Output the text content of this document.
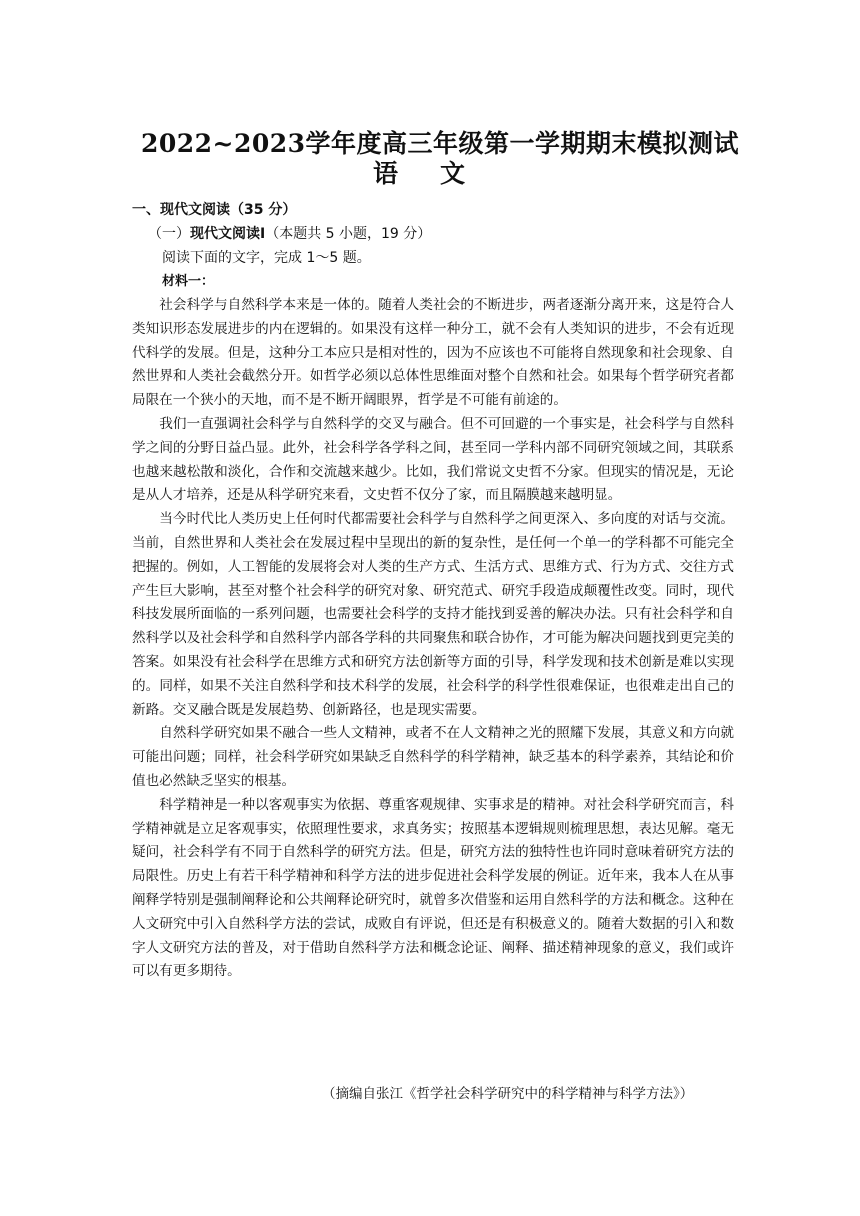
2022~2023学年度高三年级第一学期期末模拟测试
语文
一、现代文阅读（35 分）
（一）现代文阅读Ⅰ（本题共 5 小题，19 分）
阅读下面的文字，完成 1～5 题。
材料一：

社会科学与自然科学本来是一体的。随着人类社会的不断进步，两者逐渐分离开来，这是符合人类知识形态发展进步的内在逻辑的。如果没有这样一种分工，就不会有人类知识的进步，不会有近现代科学的发展。但是，这种分工本应只是相对性的，因为不应该也不可能将自然现象和社会现象、自然世界和人类社会截然分开。如哲学必须以总体性思维面对整个自然和社会。如果每个哲学研究者都局限在一个狭小的天地，而不是不断开阔眼界，哲学是不可能有前途的。

我们一直强调社会科学与自然科学的交叉与融合。但不可回避的一个事实是，社会科学与自然科学之间的分野日益凸显。此外，社会科学各学科之间，甚至同一学科内部不同研究领域之间，其联系也越来越松散和淡化，合作和交流越来越少。比如，我们常说文史哲不分家。但现实的情况是，无论是从人才培养，还是从科学研究来看，文史哲不仅分了家，而且隔膜越来越明显。

当今时代比人类历史上任何时代都需要社会科学与自然科学之间更深入、多向度的对话与交流。当前，自然世界和人类社会在发展过程中呈现出的新的复杂性，是任何一个单一的学科都不可能完全把握的。例如，人工智能的发展将会对人类的生产方式、生活方式、思维方式、行为方式、交往方式产生巨大影响，甚至对整个社会科学的研究对象、研究范式、研究手段造成颠覆性改变。同时，现代科技发展所面临的一系列问题，也需要社会科学的支持才能找到妥善的解决办法。只有社会科学和自然科学以及社会科学和自然科学内部各学科的共同聚焦和联合协作，才可能为解决问题找到更完美的答案。如果没有社会科学在思维方式和研究方法创新等方面的引导，科学发现和技术创新是难以实现的。同样，如果不关注自然科学和技术科学的发展，社会科学的科学性很难保证，也很难走出自己的新路。交叉融合既是发展趋势、创新路径，也是现实需要。

自然科学研究如果不融合一些人文精神，或者不在人文精神之光的照耀下发展，其意义和方向就可能出问题；同样，社会科学研究如果缺乏自然科学的科学精神，缺乏基本的科学素养，其结论和价值也必然缺乏坚实的根基。

科学精神是一种以客观事实为依据、尊重客观规律、实事求是的精神。对社会科学研究而言，科学精神就是立足客观事实，依照理性要求，求真务实；按照基本逻辑规则梳理思想，表达见解。毫无疑问，社会科学有不同于自然科学的研究方法。但是，研究方法的独特性也许同时意味着研究方法的局限性。历史上有若干科学精神和科学方法的进步促进社会科学发展的例证。近年来，我本人在从事阐释学特别是强制阐释论和公共阐释论研究时，就曾多次借鉴和运用自然科学的方法和概念。这种在人文研究中引入自然科学方法的尝试，成败自有评说，但还是有积极意义的。随着大数据的引入和数字人文研究方法的普及，对于借助自然科学方法和概念论证、阐释、描述精神现象的意义，我们或许可以有更多期待。

（摘编自张江《哲学社会科学研究中的科学精神与科学方法》）
